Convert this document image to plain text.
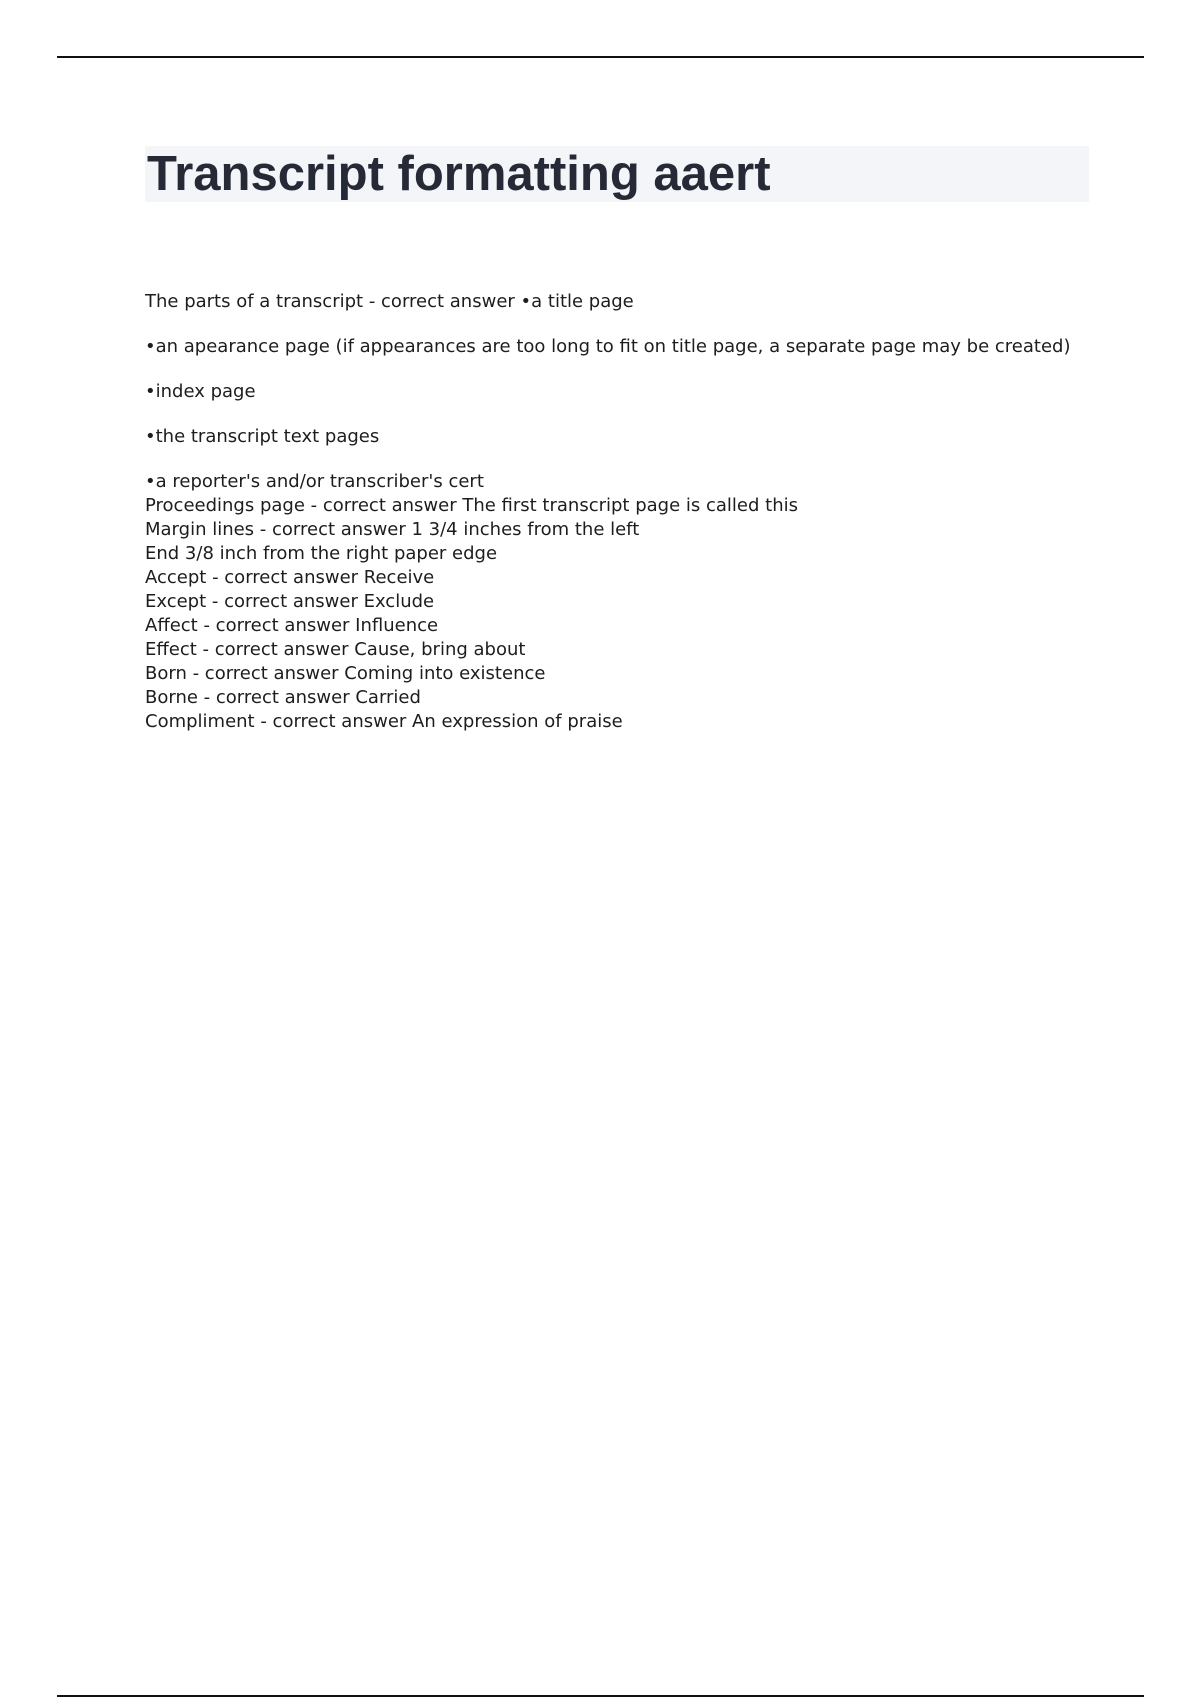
Transcript formatting aaert

The parts of a transcript - correct answer •a title page

•an apearance page (if appearances are too long to fit on title page, a separate page may be created)

•index page

•the transcript text pages

•a reporter's and/or transcriber's cert

Proceedings page - correct answer The first transcript page is called this

Margin lines - correct answer 1 3/4 inches from the left

End 3/8 inch from the right paper edge

Accept - correct answer Receive

Except - correct answer Exclude

Affect - correct answer Influence

Effect - correct answer Cause, bring about

Born - correct answer Coming into existence

Borne - correct answer Carried

Compliment - correct answer An expression of praise
